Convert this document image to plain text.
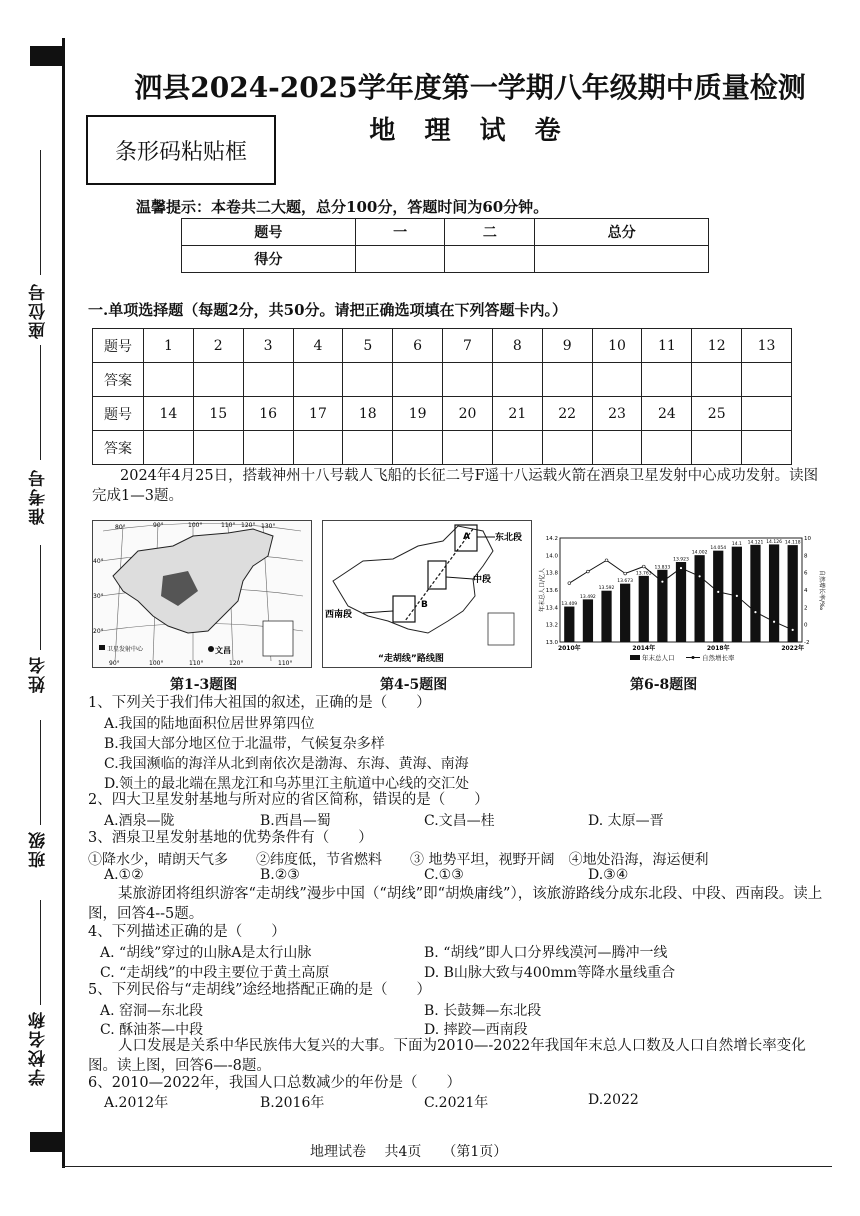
座位号
准考号
姓名
班级
学校名称
泗县2024-2025学年度第一学期八年级期中质量检测
地 理 试 卷
条形码粘贴框
温馨提示：本卷共二大题，总分100分，答题时间为60分钟。
题号	一	二	总分
得分			
一.单项选择题（每题2分，共50分。请把正确选项填在下列答题卡内。）
题号	1	2	3	4	5	6	7	8	9	10	11	12	13
答案													
题号	14	15	16	17	18	19	20	21	22	23	24	25	
答案													
2024年4月25日，搭载神州十八号载人飞船的长征二号F遥十八运载火箭在酒泉卫星发射中心成功发射。读图完成1—3题。
文昌
卫星发射中心
80°	90°	100°	110° 120° 130°
90°	100°	110°	120°	110°
40°
30°
20°
A
B
东北段
中段
西南段
“走胡线”路线图
14.2
14.0
13.8
13.6
13.4
13.2
13.0
10
8
6
4
2
0
-2
13.409
13.492
13.592
13.673
13.763
13.833
13.923
14.002
14.054
14.1 14.121 14.126 14.118
2010年	2014年	2018年	2022年
年末总人口/亿人	自然增长率/‰
年末总人口	自然增长率
第1-3题图	第4-5题图	第6-8题图
1、下列关于我们伟大祖国的叙述，正确的是（　　）
A.我国的陆地面积位居世界第四位
B.我国大部分地区位于北温带，气候复杂多样
C.我国濒临的海洋从北到南依次是渤海、东海、黄海、南海
D.领土的最北端在黑龙江和乌苏里江主航道中心线的交汇处
2、四大卫星发射基地与所对应的省区简称，错误的是（　　）
A.酒泉—陇	B.西昌—蜀	C.文昌—桂	D. 太原—晋
3、酒泉卫星发射基地的优势条件有（　　）
①降水少，晴朗天气多　　②纬度低，节省燃料　　③ 地势平坦，视野开阔　④地处沿海，海运便利
A.①②	B.②③	C.①③	D.③④
某旅游团将组织游客“走胡线”漫步中国（“胡线”即“胡焕庸线”），该旅游路线分成东北段、中段、西南段。读上图，回答4--5题。
4、下列描述正确的是（　　）
A. “胡线”穿过的山脉A是太行山脉	B. “胡线”即人口分界线漠河—腾冲一线
C. “走胡线”的中段主要位于黄土高原	D. B山脉大致与400mm等降水量线重合
5、下列民俗与“走胡线”途经地搭配正确的是（　　）
A. 窑洞—东北段	B. 长鼓舞—东北段
C. 酥油茶—中段	D. 摔跤—西南段
人口发展是关系中华民族伟大复兴的大事。下面为2010—-2022年我国年末总人口数及人口自然增长率变化图。读上图，回答6—-8题。
6、2010—2022年，我国人口总数减少的年份是（　　）
A.2012年	B.2016年	C.2021年	D.2022
地理试卷　 共4页　　（第1页）
